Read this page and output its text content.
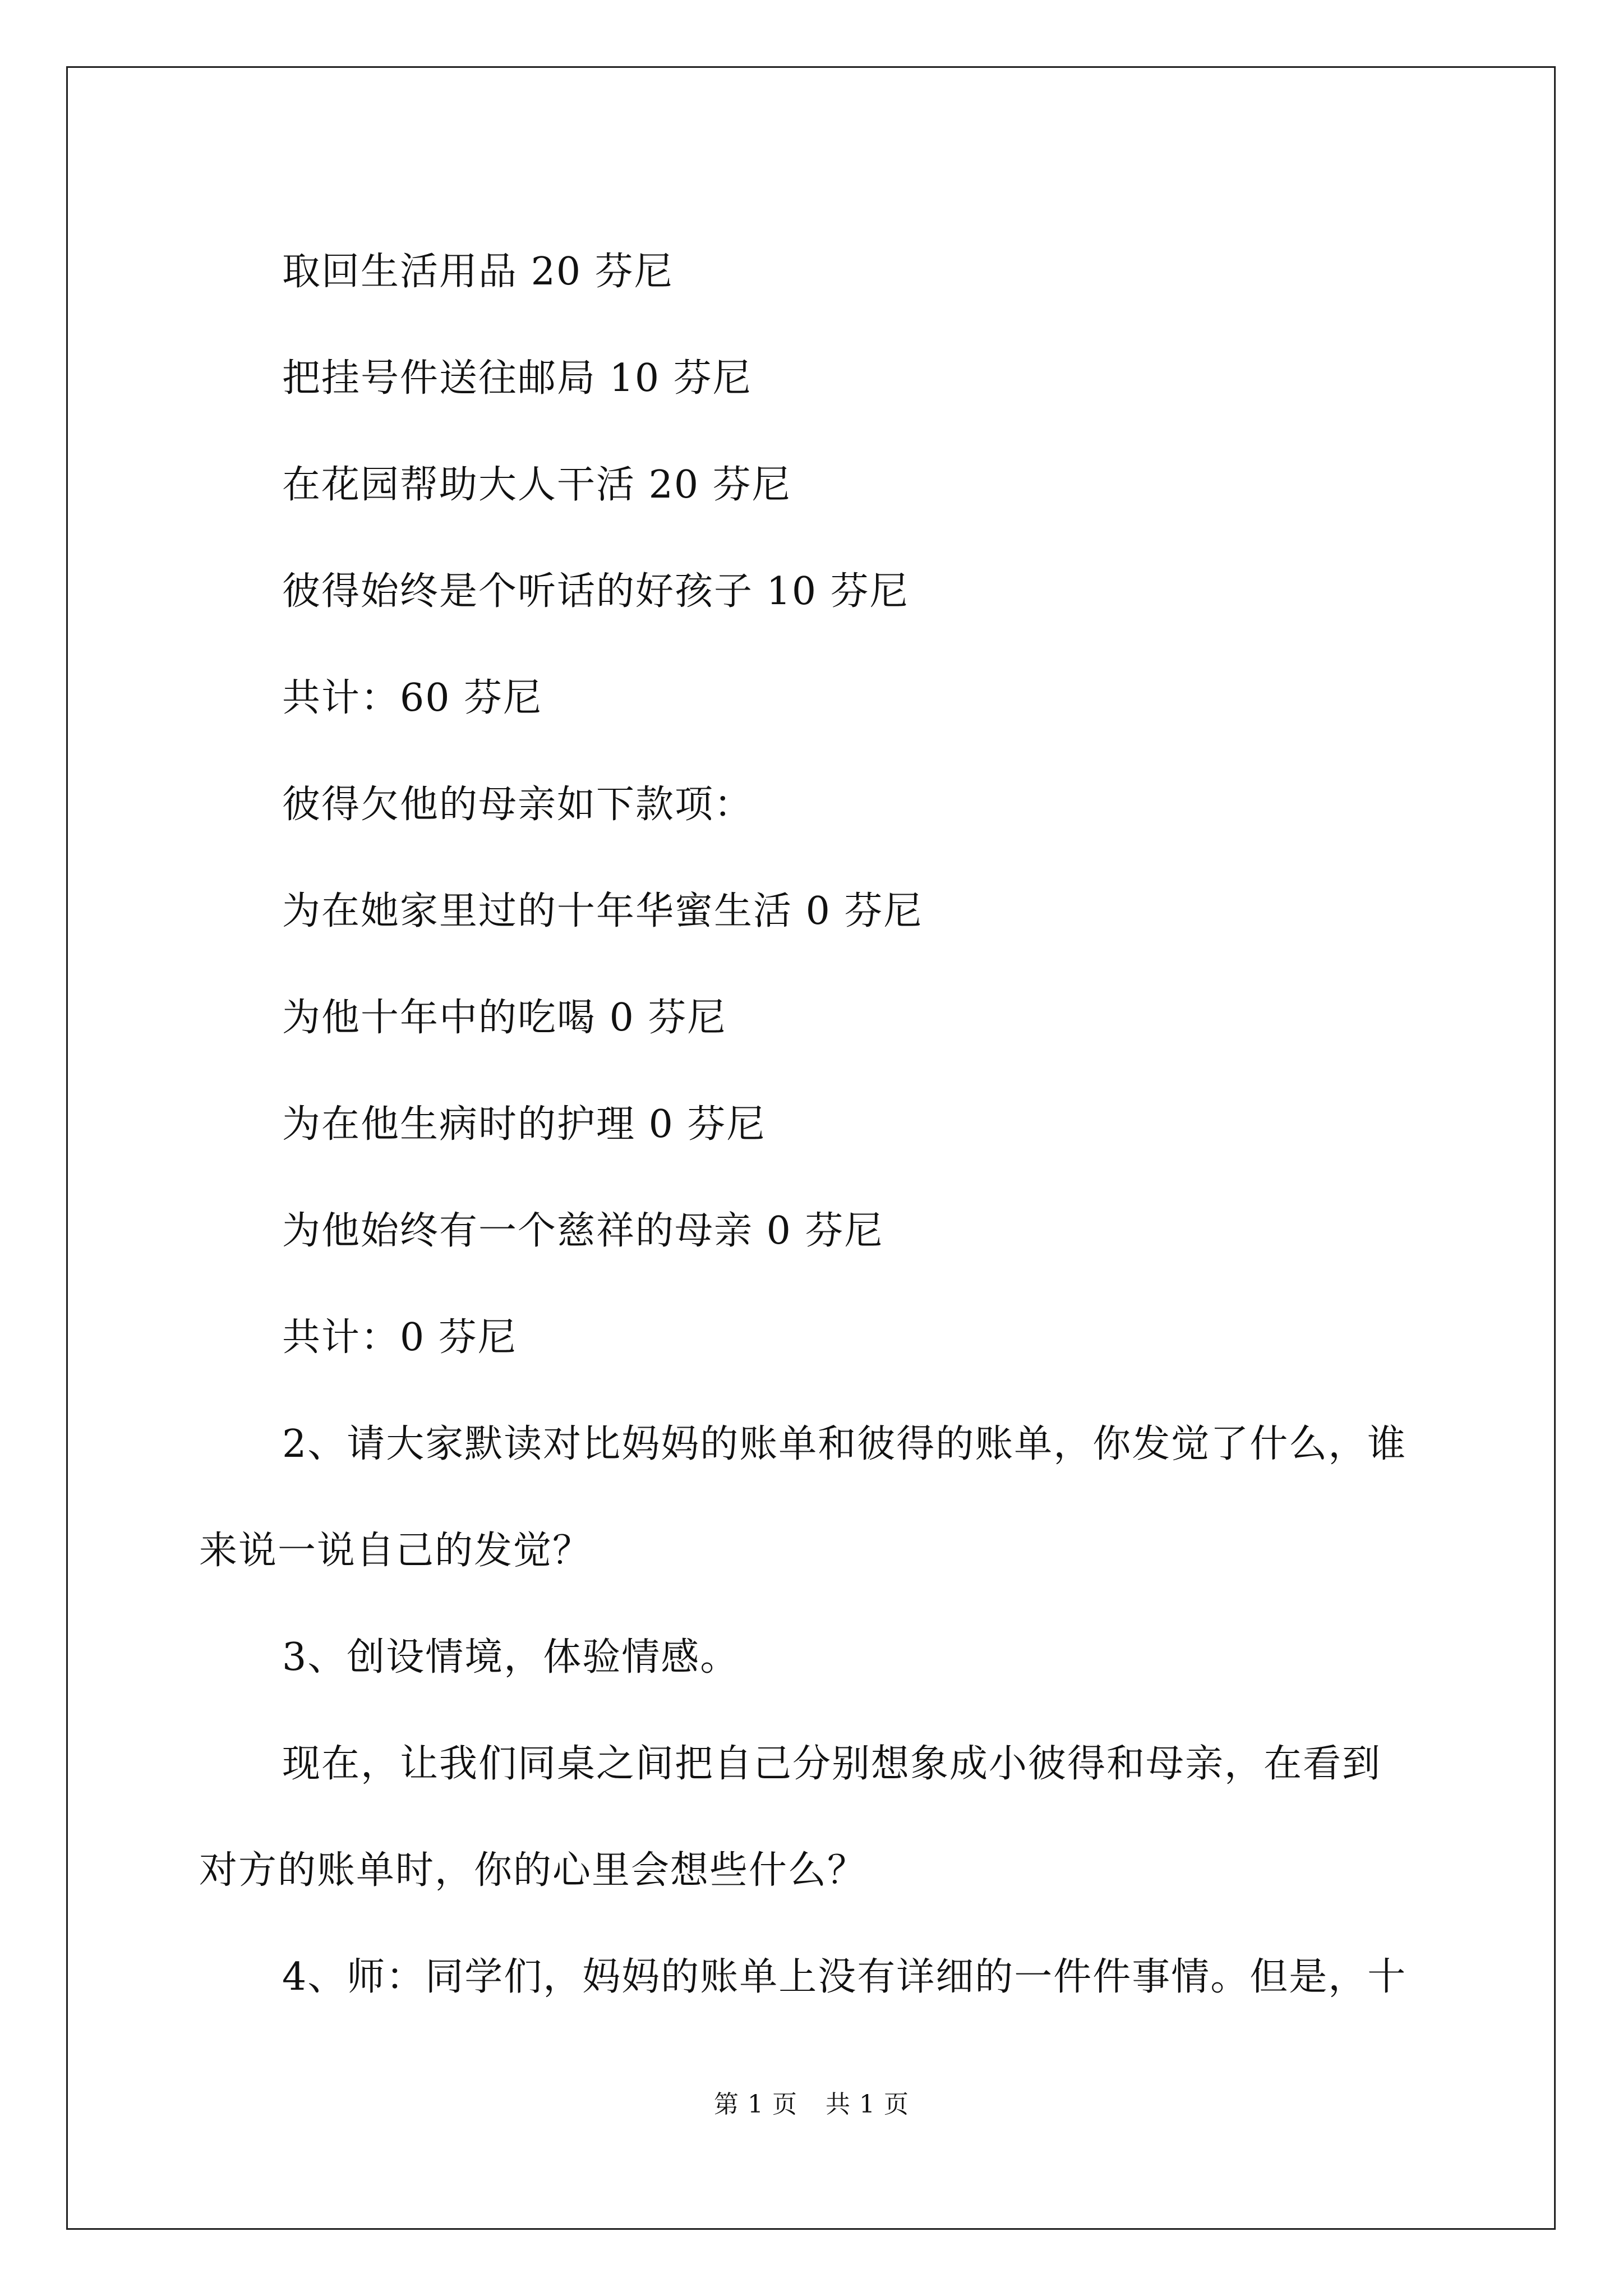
取回生活用品 20 芬尼

把挂号件送往邮局 10 芬尼

在花园帮助大人干活 20 芬尼

彼得始终是个听话的好孩子 10 芬尼

共计：60 芬尼

彼得欠他的母亲如下款项：

为在她家里过的十年华蜜生活 0 芬尼

为他十年中的吃喝 0 芬尼

为在他生病时的护理 0 芬尼

为他始终有一个慈祥的母亲 0 芬尼

共计：0 芬尼

2、请大家默读对比妈妈的账单和彼得的账单，你发觉了什么，谁

来说一说自己的发觉？

3、创设情境，体验情感。

现在，让我们同桌之间把自己分别想象成小彼得和母亲，在看到

对方的账单时，你的心里会想些什么？

4、师：同学们，妈妈的账单上没有详细的一件件事情。但是，十

第 1 页 共 1 页
